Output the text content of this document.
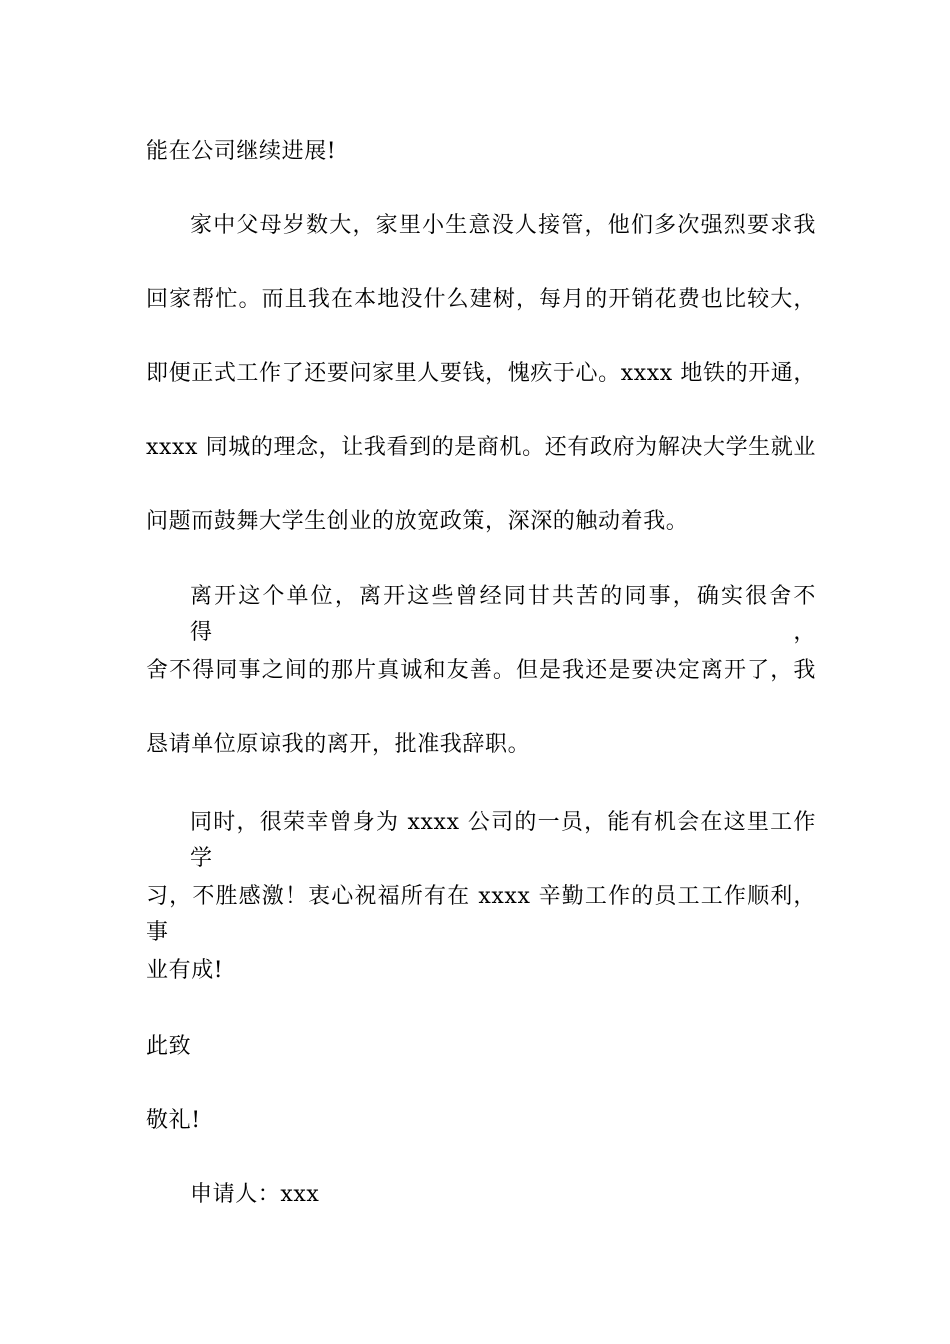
能在公司继续进展!
家中父母岁数大，家里小生意没人接管，他们多次强烈要求我
回家帮忙。而且我在本地没什么建树，每月的开销花费也比较大，
即便正式工作了还要问家里人要钱，愧疚于心。xxxx 地铁的开通，
xxxx 同城的理念，让我看到的是商机。还有政府为解决大学生就业
问题而鼓舞大学生创业的放宽政策，深深的触动着我。
离开这个单位，离开这些曾经同甘共苦的同事，确实很舍不得，
舍不得同事之间的那片真诚和友善。但是我还是要决定离开了，我
恳请单位原谅我的离开，批准我辞职。
同时，很荣幸曾身为 xxxx 公司的一员，能有机会在这里工作学
习，不胜感激！衷心祝福所有在 xxxx 辛勤工作的员工工作顺利，事
业有成!
此致
敬礼!
申请人：xxx
